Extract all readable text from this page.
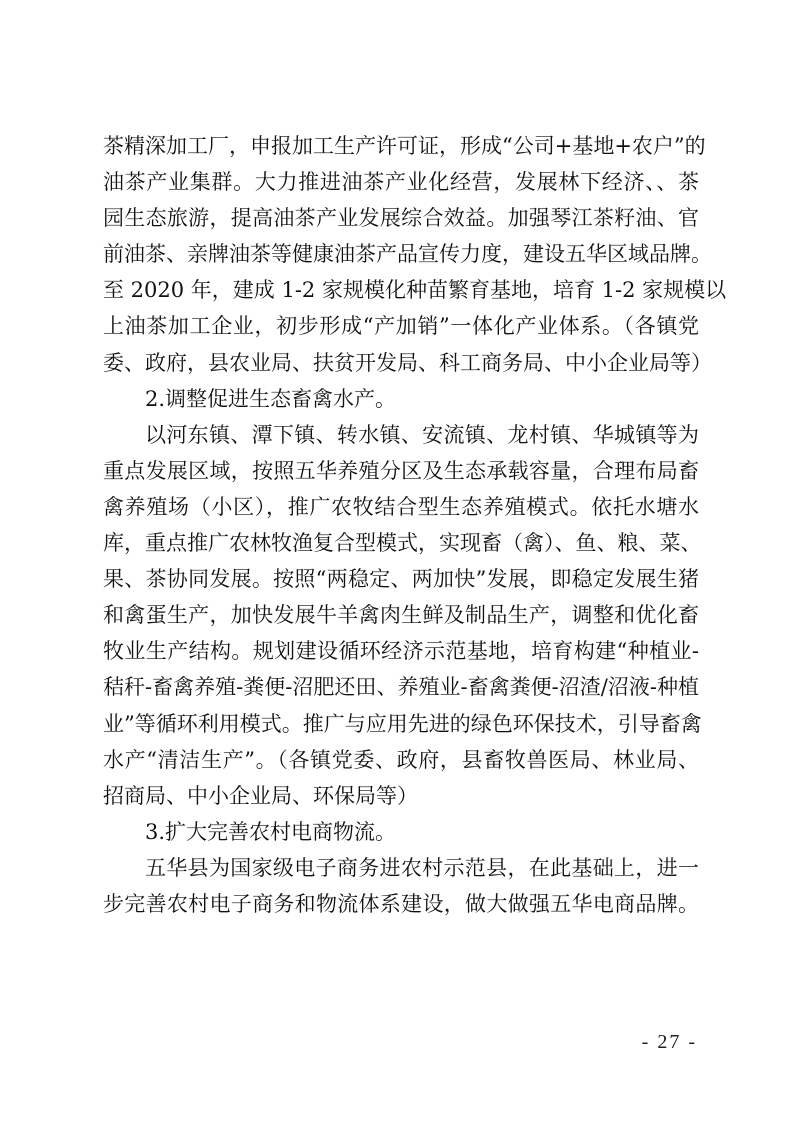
茶精深加工厂，申报加工生产许可证，形成“公司+基地+农户”的
油茶产业集群。大力推进油茶产业化经营，发展林下经济、、茶
园生态旅游，提高油茶产业发展综合效益。加强琴江茶籽油、官
前油茶、亲牌油茶等健康油茶产品宣传力度，建设五华区域品牌。
至 2020 年，建成 1-2 家规模化种苗繁育基地，培育 1-2 家规模以
上油茶加工企业，初步形成“产加销”一体化产业体系。（各镇党
委、政府，县农业局、扶贫开发局、科工商务局、中小企业局等）
2.调整促进生态畜禽水产。
以河东镇、潭下镇、转水镇、安流镇、龙村镇、华城镇等为
重点发展区域，按照五华养殖分区及生态承载容量，合理布局畜
禽养殖场（小区），推广农牧结合型生态养殖模式。依托水塘水
库，重点推广农林牧渔复合型模式，实现畜（禽）、鱼、粮、菜、
果、茶协同发展。按照“两稳定、两加快”发展，即稳定发展生猪
和禽蛋生产，加快发展牛羊禽肉生鲜及制品生产，调整和优化畜
牧业生产结构。规划建设循环经济示范基地，培育构建“种植业-
秸秆-畜禽养殖-粪便-沼肥还田、养殖业-畜禽粪便-沼渣/沼液-种植
业”等循环利用模式。推广与应用先进的绿色环保技术，引导畜禽
水产“清洁生产”。（各镇党委、政府，县畜牧兽医局、林业局、
招商局、中小企业局、环保局等）
3.扩大完善农村电商物流。
五华县为国家级电子商务进农村示范县，在此基础上，进一
步完善农村电子商务和物流体系建设，做大做强五华电商品牌。
- 27 -
